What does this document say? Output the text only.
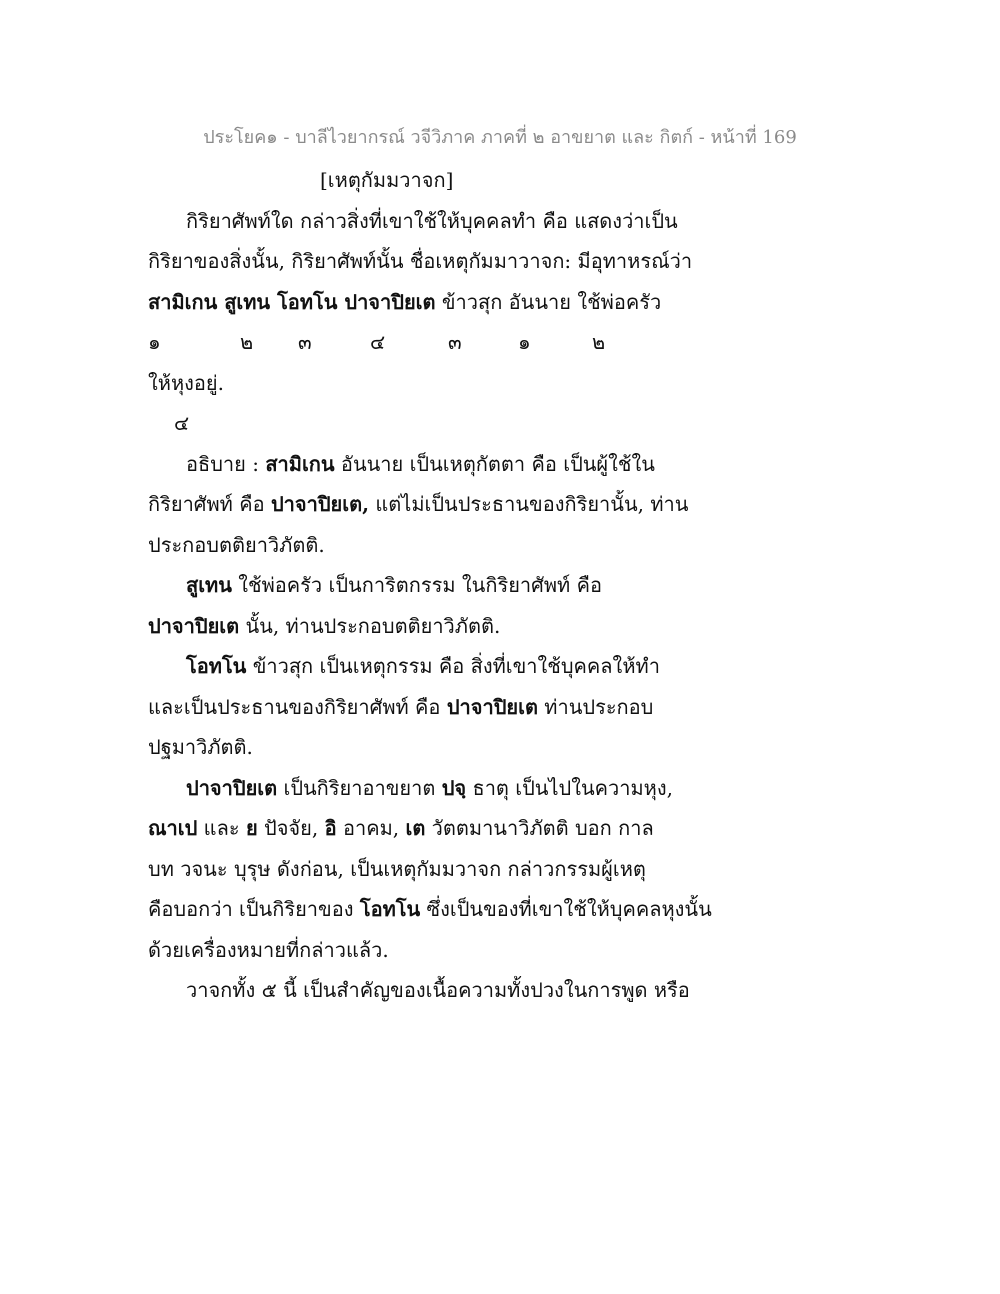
ประโยค๑ - บาลีไวยากรณ์ วจีวิภาค ภาคที่ ๒ อาขยาต และ กิตก์ - หน้าที่ 169
[เหตุกัมมวาจก]
กิริยาศัพท์ใด กล่าวสิ่งที่เขาใช้ให้บุคคลทำ คือ แสดงว่าเป็น
กิริยาของสิ่งนั้น, กิริยาศัพท์นั้น ชื่อเหตุกัมมาวาจก: มีอุทาหรณ์ว่า
สามิเกน สูเทน โอทโน ปาจาปิยเต ข้าวสุก อันนาย ใช้พ่อครัว
๑	๒ ๓	๔	๓	๑	๒
ให้หุงอยู่.
๔
อธิบาย : สามิเกน อันนาย เป็นเหตุกัตตา คือ เป็นผู้ใช้ใน
กิริยาศัพท์ คือ ปาจาปิยเต, แต่ไม่เป็นประธานของกิริยานั้น, ท่าน
ประกอบตติยาวิภัตติ.
สูเทน ใช้พ่อครัว เป็นการิตกรรม ในกิริยาศัพท์ คือ
ปาจาปิยเต นั้น, ท่านประกอบตติยาวิภัตติ.
โอทโน ข้าวสุก เป็นเหตุกรรม คือ สิ่งที่เขาใช้บุคคลให้ทำ
และเป็นประธานของกิริยาศัพท์ คือ ปาจาปิยเต ท่านประกอบ
ปฐมาวิภัตติ.
ปาจาปิยเต เป็นกิริยาอาขยาต ปจฺ ธาตุ เป็นไปในความหุง,
ณาเป และ ย ปัจจัย, อิ อาคม, เต วัตตมานาวิภัตติ บอก กาล
บท วจนะ บุรุษ ดังก่อน, เป็นเหตุกัมมวาจก กล่าวกรรมผู้เหตุ
คือบอกว่า เป็นกิริยาของ โอทโน ซึ่งเป็นของที่เขาใช้ให้บุคคลหุงนั้น
ด้วยเครื่องหมายที่กล่าวแล้ว.
วาจกทั้ง ๕ นี้ เป็นสำคัญของเนื้อความทั้งปวงในการพูด หรือ
